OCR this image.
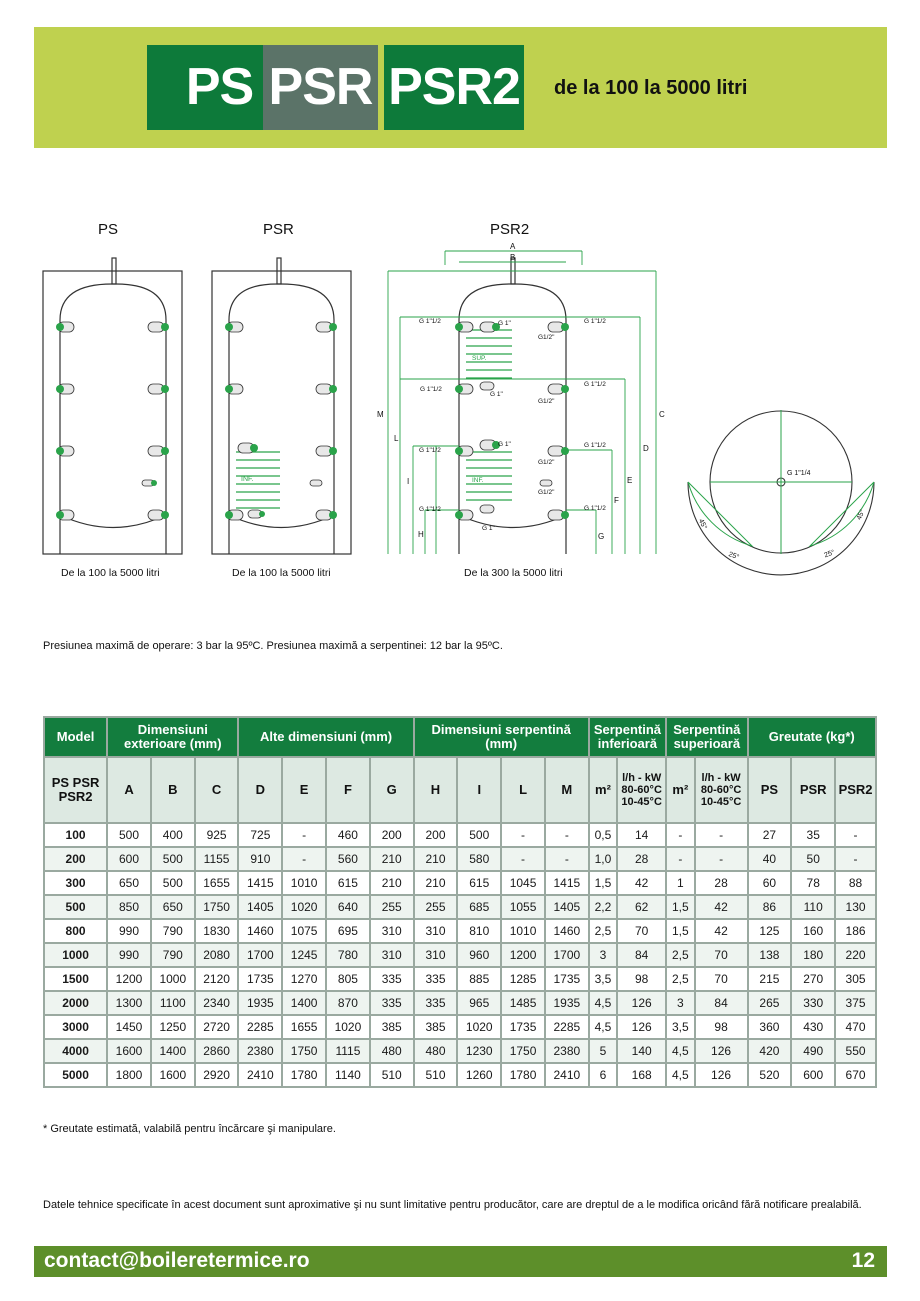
PS PSR PSR2 de la 100 la 5000 litri
PS	PSR	PSR2
INF.
G 1"1/2	G 1"	G 1"1/2
G1/2"
G 1"1/2
G 1"
G 1"1/2
G1/2"
G 1"1/2
G 1"	G 1"1/2
G1/2"
G1/2"
G 1"1/2	G 1"1/2
G 1"
SUP.
INF.
A
B
C
D
E
F
G
H
I
L
M
G 1"1/4
45°
25°
45°
25°
De la 100 la 5000 litri	De la 100 la 5000 litri	De la 300 la 5000 litri
Presiunea maximă de operare: 3 bar la 95ºC. Presiunea maximă a serpentinei: 12 bar la 95ºC.
Model	Dimensiuni exterioare (mm)			Alte dimensiuni (mm)				Dimensiuni serpentină (mm)				Serpentină inferioară		Serpentină superioară		Greutate (kg*)		
PS PSR PSR2	A	B	C	D	E	F	G	H	I	L	M	m²	l/h - kW 80-60°C 10-45°C	m²	l/h - kW 80-60°C 10-45°C	PS	PSR	PSR2
100	500	400	925	725	-	460	200	200	500	-	-	0,5	14	-	-	27	35	-
200	600	500	1155	910	-	560	210	210	580	-	-	1,0	28	-	-	40	50	-
300	650	500	1655	1415	1010	615	210	210	615	1045	1415	1,5	42	1	28	60	78	88
500	850	650	1750	1405	1020	640	255	255	685	1055	1405	2,2	62	1,5	42	86	110	130
800	990	790	1830	1460	1075	695	310	310	810	1010	1460	2,5	70	1,5	42	125	160	186
1000	990	790	2080	1700	1245	780	310	310	960	1200	1700	3	84	2,5	70	138	180	220
1500	1200	1000	2120	1735	1270	805	335	335	885	1285	1735	3,5	98	2,5	70	215	270	305
2000	1300	1100	2340	1935	1400	870	335	335	965	1485	1935	4,5	126	3	84	265	330	375
3000	1450	1250	2720	2285	1655	1020	385	385	1020	1735	2285	4,5	126	3,5	98	360	430	470
4000	1600	1400	2860	2380	1750	1115	480	480	1230	1750	2380	5	140	4,5	126	420	490	550
5000	1800	1600	2920	2410	1780	1140	510	510	1260	1780	2410	6	168	4,5	126	520	600	670
* Greutate estimată, valabilă pentru încărcare şi manipulare.
Datele tehnice specificate în acest document sunt aproximative şi nu sunt limitative pentru producător, care are dreptul de a le modifica oricând fără notificare prealabilă.
contact@boileretermice.ro	12
